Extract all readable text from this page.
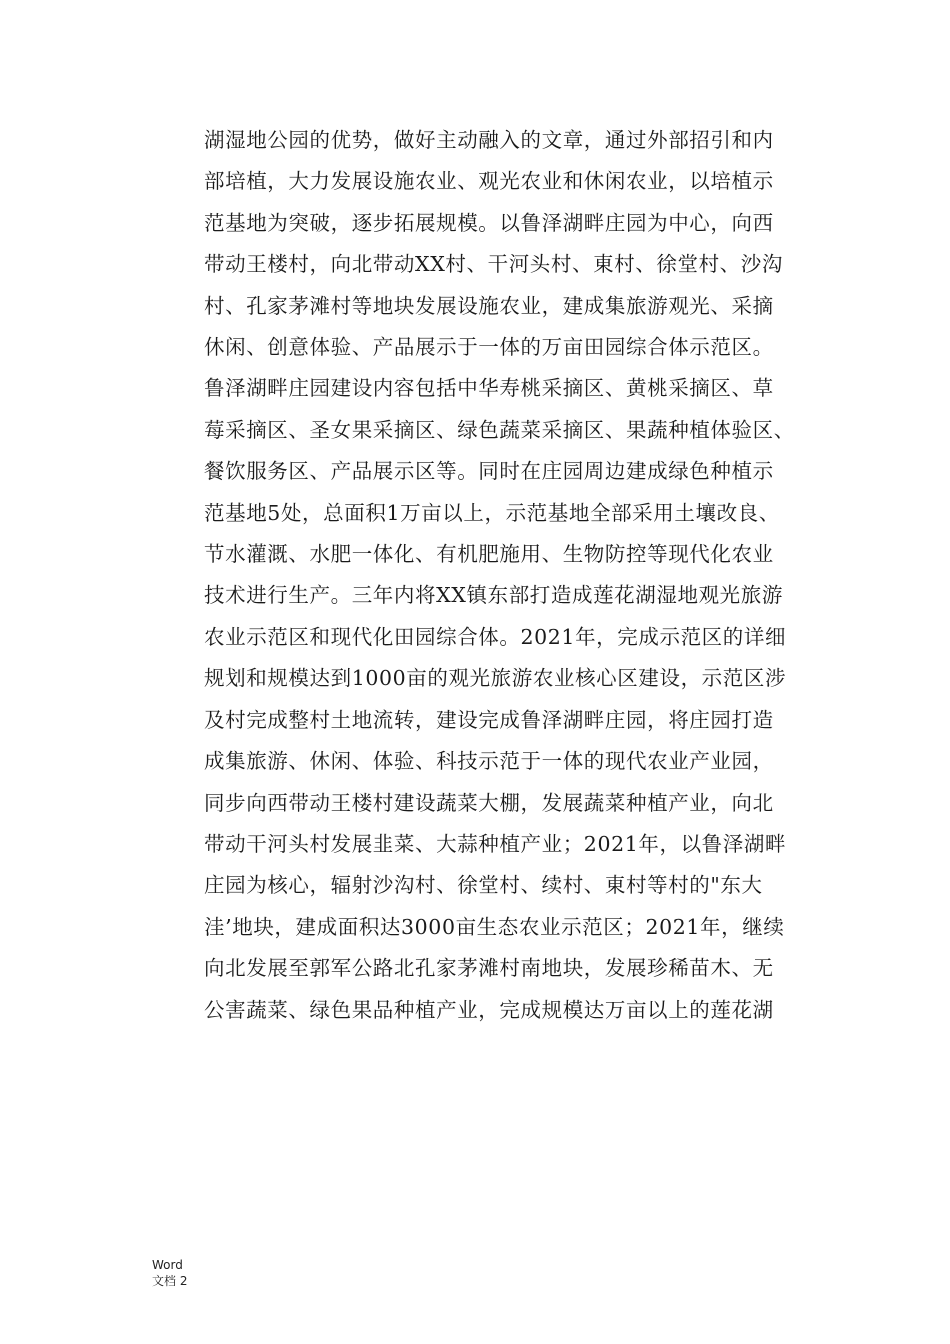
湖湿地公园的优势，做好主动融入的文章，通过外部招引和内
部培植，大力发展设施农业、观光农业和休闲农业，以培植示
范基地为突破，逐步拓展规模。以鲁泽湖畔庄园为中心，向西
带动王楼村，向北带动XX村、干河头村、東村、徐堂村、沙沟
村、孔家茅滩村等地块发展设施农业，建成集旅游观光、采摘
休闲、创意体验、产品展示于一体的万亩田园综合体示范区。
鲁泽湖畔庄园建设内容包括中华寿桃采摘区、黄桃采摘区、草
莓采摘区、圣女果采摘区、绿色蔬菜采摘区、果蔬种植体验区、
餐饮服务区、产品展示区等。同时在庄园周边建成绿色种植示
范基地5处，总面积1万亩以上，示范基地全部采用土壤改良、
节水灌溉、水肥一体化、有机肥施用、生物防控等现代化农业
技术进行生产。三年内将XX镇东部打造成莲花湖湿地观光旅游
农业示范区和现代化田园综合体。2021年，完成示范区的详细
规划和规模达到1000亩的观光旅游农业核心区建设，示范区涉
及村完成整村土地流转，建设完成鲁泽湖畔庄园，将庄园打造
成集旅游、休闲、体验、科技示范于一体的现代农业产业园，
同步向西带动王楼村建设蔬菜大棚，发展蔬菜种植产业，向北
带动干河头村发展韭菜、大蒜种植产业；2021年，以鲁泽湖畔
庄园为核心，辐射沙沟村、徐堂村、续村、東村等村的"东大
洼’地块，建成面积达3000亩生态农业示范区；2021年，继续
向北发展至郭军公路北孔家茅滩村南地块，发展珍稀苗木、无
公害蔬菜、绿色果品种植产业，完成规模达万亩以上的莲花湖
Word
文档 2
